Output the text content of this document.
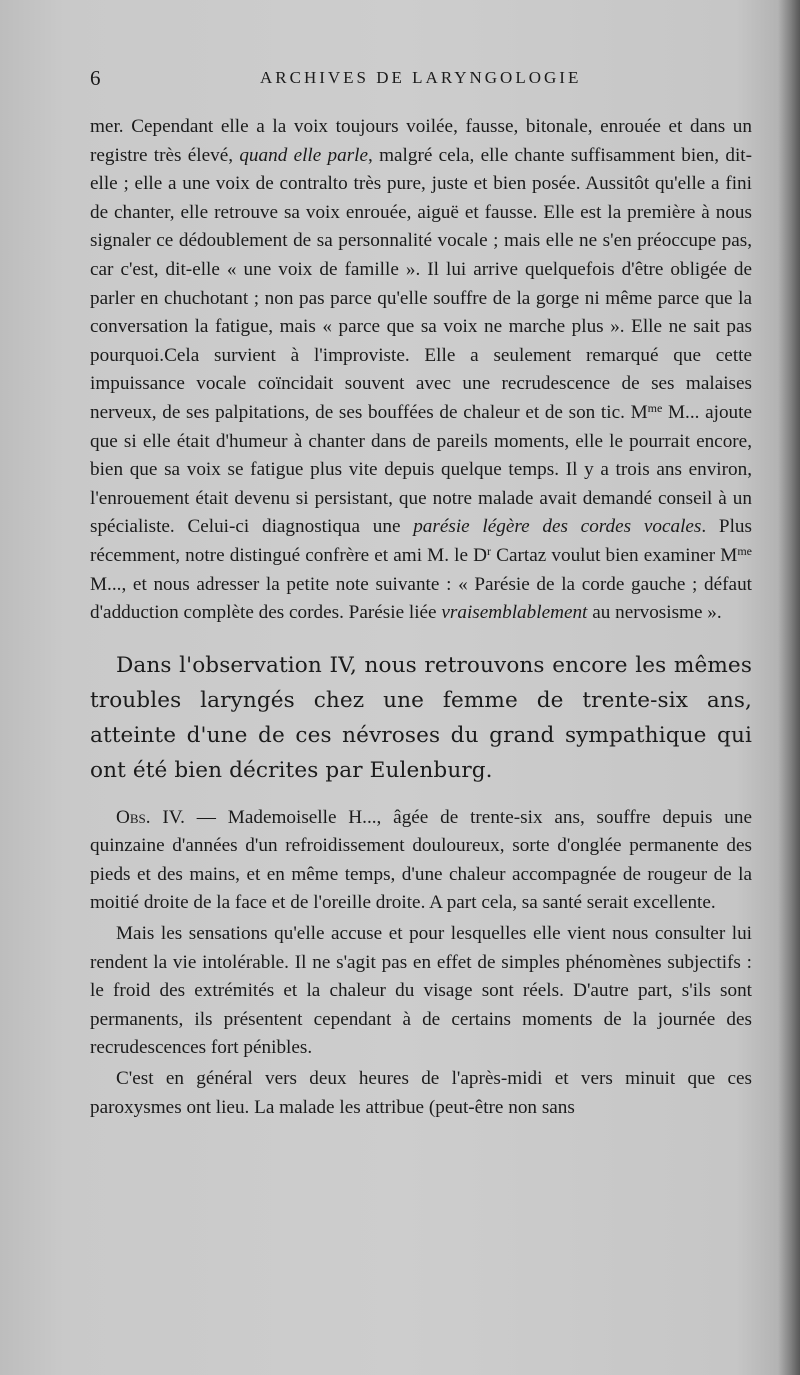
6	ARCHIVES DE LARYNGOLOGIE

mer. Cependant elle a la voix toujours voilée, fausse, bitonale, enrouée et dans un registre très élevé, quand elle parle, malgré cela, elle chante suffisamment bien, dit-elle ; elle a une voix de contralto très pure, juste et bien posée. Aussitôt qu'elle a fini de chanter, elle retrouve sa voix enrouée, aiguë et fausse. Elle est la première à nous signaler ce dédoublement de sa personnalité vocale ; mais elle ne s'en préoccupe pas, car c'est, dit-elle « une voix de famille ». Il lui arrive quelquefois d'être obligée de parler en chuchotant ; non pas parce qu'elle souffre de la gorge ni même parce que la conversation la fatigue, mais « parce que sa voix ne marche plus ». Elle ne sait pas pourquoi.Cela survient à l'improviste. Elle a seulement remarqué que cette impuissance vocale coïncidait souvent avec une recrudescence de ses malaises nerveux, de ses palpitations, de ses bouffées de chaleur et de son tic. $M^{me}$ M... ajoute que si elle était d'humeur à chanter dans de pareils moments, elle le pourrait encore, bien que sa voix se fatigue plus vite depuis quelque temps. Il y a trois ans environ, l'enrouement était devenu si persistant, que notre malade avait demandé conseil à un spécialiste. Celui-ci diagnostiqua une parésie légère des cordes vocales. Plus récemment, notre distingué confrère et ami M. le $D^r$ Cartaz voulut bien examiner $M^{me}$ M..., et nous adresser la petite note suivante : « Parésie de la corde gauche ; défaut d'adduction complète des cordes. Parésie liée vraisemblablement au nervosisme ».

Dans l'observation IV, nous retrouvons encore les mêmes troubles laryngés chez une femme de trente-six ans, atteinte d'une de ces névroses du grand sympathique qui ont été bien décrites par Eulenburg.

Obs. IV. — Mademoiselle H..., âgée de trente-six ans, souffre depuis une quinzaine d'années d'un refroidissement douloureux, sorte d'onglée permanente des pieds et des mains, et en même temps, d'une chaleur accompagnée de rougeur de la moitié droite de la face et de l'oreille droite. A part cela, sa santé serait excellente.

Mais les sensations qu'elle accuse et pour lesquelles elle vient nous consulter lui rendent la vie intolérable. Il ne s'agit pas en effet de simples phénomènes subjectifs : le froid des extrémités et la chaleur du visage sont réels. D'autre part, s'ils sont permanents, ils présentent cependant à de certains moments de la journée des recrudescences fort pénibles.

C'est en général vers deux heures de l'après-midi et vers minuit que ces paroxysmes ont lieu. La malade les attribue (peut-être non sans
